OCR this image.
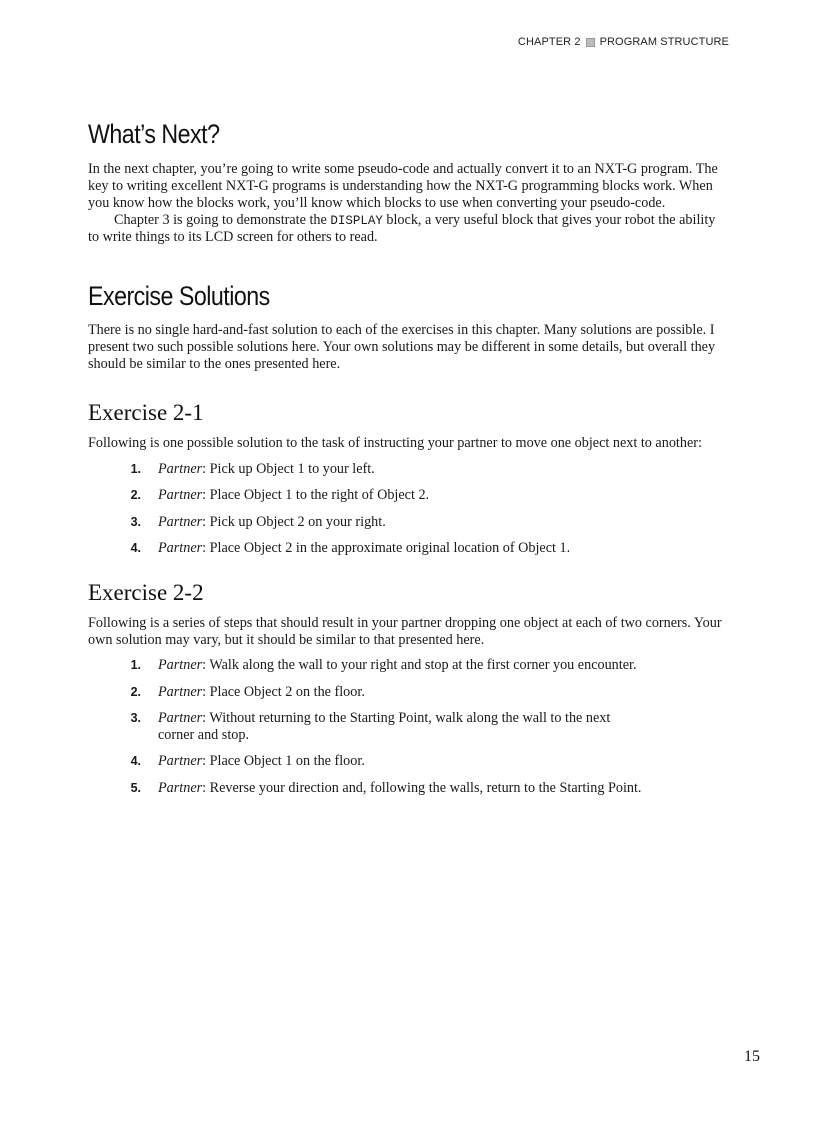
CHAPTER 2 PROGRAM STRUCTURE
What’s Next?

In the next chapter, you’re going to write some pseudo-code and actually convert it to an NXT-G program. The key to writing excellent NXT-G programs is understanding how the NXT-G programming blocks work. When you know how the blocks work, you’ll know which blocks to use when converting your pseudo-code.

Chapter 3 is going to demonstrate the DISPLAY block, a very useful block that gives your robot the ability to write things to its LCD screen for others to read.

Exercise Solutions

There is no single hard-and-fast solution to each of the exercises in this chapter. Many solutions are possible. I present two such possible solutions here. Your own solutions may be different in some details, but overall they should be similar to the ones presented here.

Exercise 2-1

Following is one possible solution to the task of instructing your partner to move one object next to another:

1.	Partner: Pick up Object 1 to your left.
2.	Partner: Place Object 1 to the right of Object 2.
3.	Partner: Pick up Object 2 on your right.
4.	Partner: Place Object 2 in the approximate original location of Object 1.
Exercise 2-2

Following is a series of steps that should result in your partner dropping one object at each of two corners. Your own solution may vary, but it should be similar to that presented here.

1.	Partner: Walk along the wall to your right and stop at the first corner you encounter.
2.	Partner: Place Object 2 on the floor.
3.	Partner: Without returning to the Starting Point, walk along the wall to the next corner and stop.
4.	Partner: Place Object 1 on the floor.
5.	Partner: Reverse your direction and, following the walls, return to the Starting Point.
15
